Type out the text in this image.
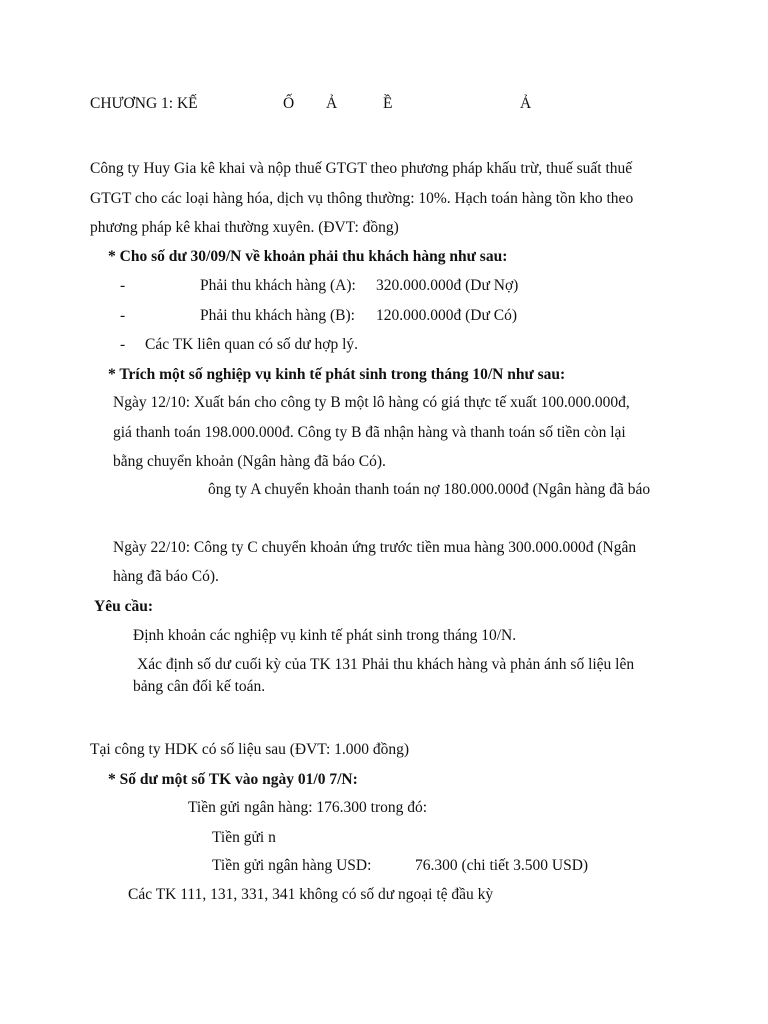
CHƯƠNG 1: KẾ	Ố Ả	Ề	Ả
Công ty Huy Gia kê khai và nộp thuế GTGT theo phương pháp khấu trừ, thuế suất thuế
GTGT cho các loại hàng hóa, dịch vụ thông thường: 10%. Hạch toán hàng tồn kho theo
phương pháp kê khai thường xuyên. (ĐVT: đồng)
* Cho số dư 30/09/N về khoản phải thu khách hàng như sau:
-	Phải thu khách hàng (A): 320.000.000đ (Dư Nợ)
-	Phải thu khách hàng (B): 120.000.000đ (Dư Có)
- Các TK liên quan có số dư hợp lý.
* Trích một số nghiệp vụ kinh tế phát sinh trong tháng 10/N như sau:
Ngày 12/10: Xuất bán cho công ty B một lô hàng có giá thực tế xuất 100.000.000đ,
giá thanh toán 198.000.000đ. Công ty B đã nhận hàng và thanh toán số tiền còn lại
bằng chuyển khoản (Ngân hàng đã báo Có).
ông ty A chuyển khoản thanh toán nợ 180.000.000đ (Ngân hàng đã báo
Ngày 22/10: Công ty C chuyển khoản ứng trước tiền mua hàng 300.000.000đ (Ngân
hàng đã báo Có).
Yêu cầu:
Định khoản các nghiệp vụ kinh tế phát sinh trong tháng 10/N.
Xác định số dư cuối kỳ của TK 131 Phải thu khách hàng và phản ánh số liệu lên
bảng cân đối kế toán.
Tại công ty HDK có số liệu sau (ĐVT: 1.000 đồng)
* Số dư một số TK vào ngày 01/0 7/N:
Tiền gửi ngân hàng: 176.300 trong đó:
Tiền gửi n
Tiền gửi ngân hàng USD:	76.300 (chi tiết 3.500 USD)
Các TK 111, 131, 331, 341 không có số dư ngoại tệ đầu kỳ
